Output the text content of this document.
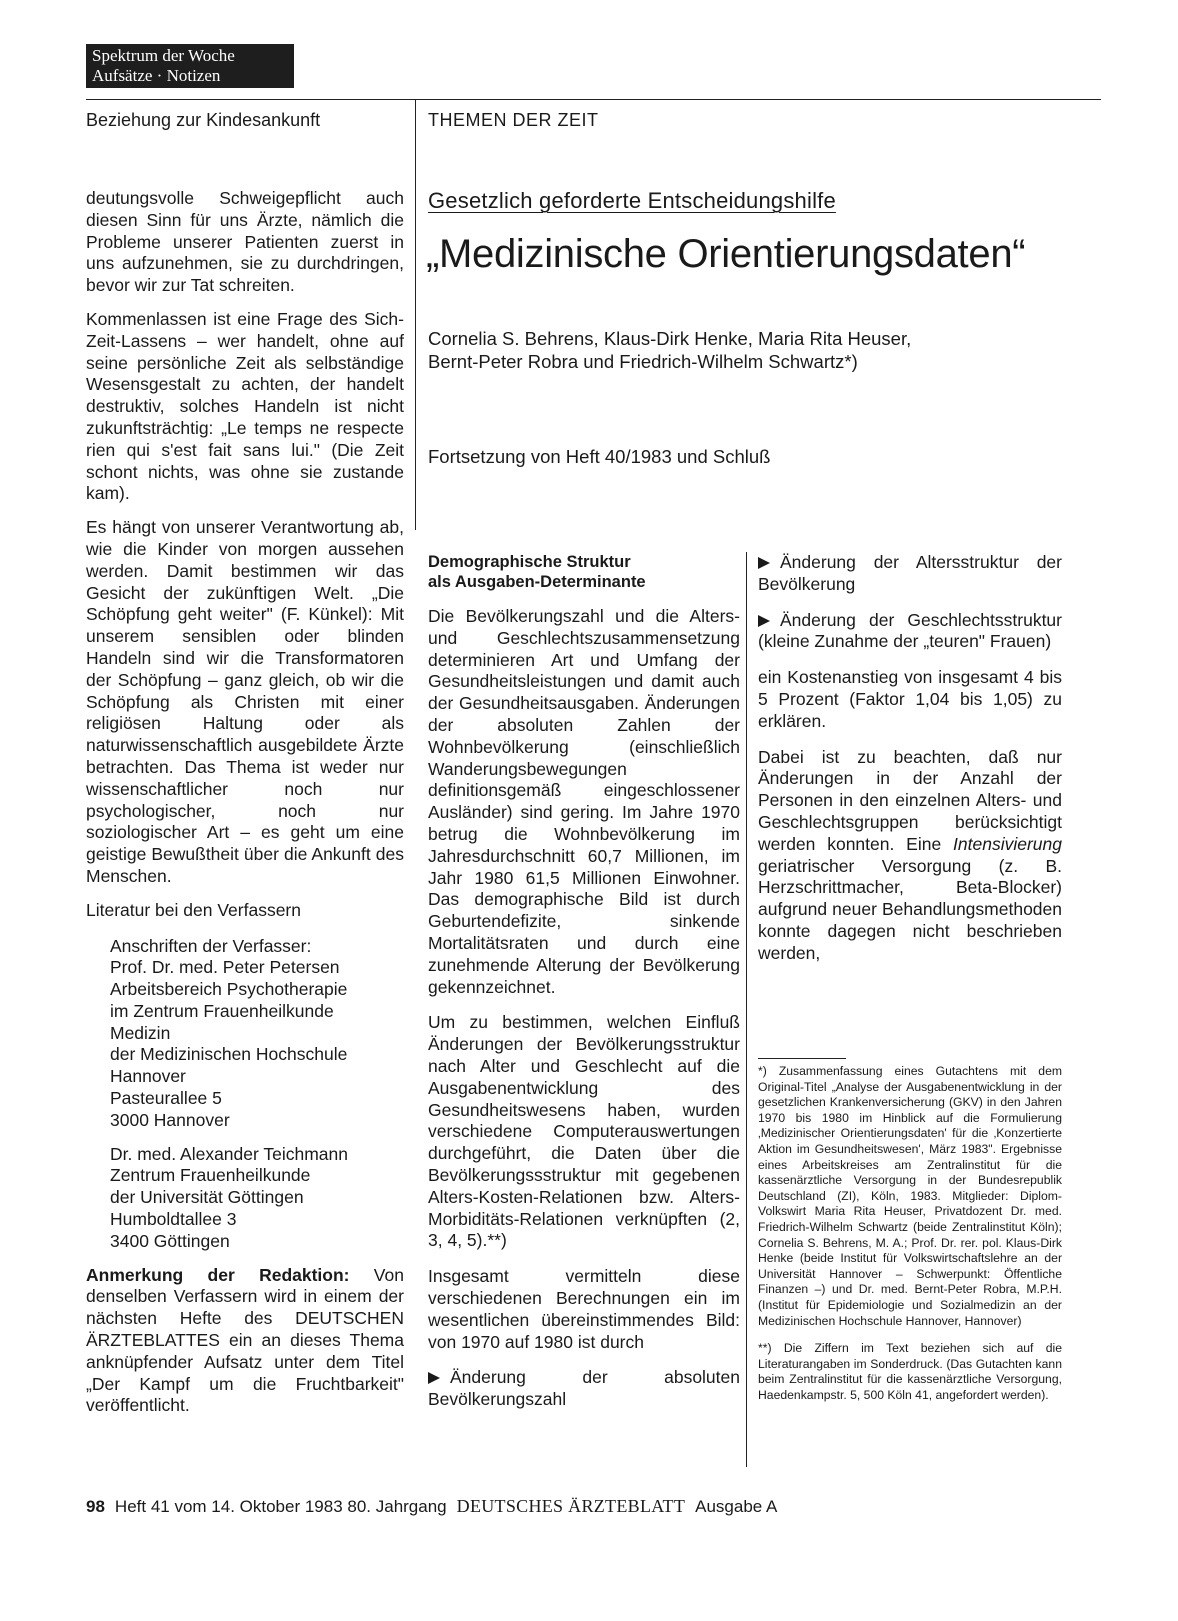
Spektrum der Woche
Aufsätze · Notizen
Beziehung zur Kindesankunft	THEMEN DER ZEIT

deutungsvolle Schweigepflicht auch diesen Sinn für uns Ärzte, nämlich die Probleme unserer Patienten zuerst in uns aufzunehmen, sie zu durchdringen, bevor wir zur Tat schreiten.

Kommenlassen ist eine Frage des Sich-Zeit-Lassens – wer handelt, ohne auf seine persönliche Zeit als selbständige Wesensgestalt zu achten, der handelt destruktiv, solches Handeln ist nicht zukunftsträchtig: „Le temps ne respecte rien qui s'est fait sans lui." (Die Zeit schont nichts, was ohne sie zustande kam).

Es hängt von unserer Verantwortung ab, wie die Kinder von morgen aussehen werden. Damit bestimmen wir das Gesicht der zukünftigen Welt. „Die Schöpfung geht weiter" (F. Künkel): Mit unserem sensiblen oder blinden Handeln sind wir die Transformatoren der Schöpfung – ganz gleich, ob wir die Schöpfung als Christen mit einer religiösen Haltung oder als naturwissenschaftlich ausgebildete Ärzte betrachten. Das Thema ist weder nur wissenschaftlicher noch nur psychologischer, noch nur soziologischer Art – es geht um eine geistige Bewußtheit über die Ankunft des Menschen.

Literatur bei den Verfassern

Anschriften der Verfasser:
Prof. Dr. med. Peter Petersen
Arbeitsbereich Psychotherapie
im Zentrum Frauenheilkunde
Medizin
der Medizinischen Hochschule
Hannover
Pasteurallee 5
3000 Hannover
Dr. med. Alexander Teichmann
Zentrum Frauenheilkunde
der Universität Göttingen
Humboldtallee 3
3400 Göttingen

Anmerkung der Redaktion: Von denselben Verfassern wird in einem der nächsten Hefte des DEUTSCHEN ÄRZTEBLATTES ein an dieses Thema anknüpfender Aufsatz unter dem Titel „Der Kampf um die Fruchtbarkeit" veröffentlicht.

Gesetzlich geforderte Entscheidungshilfe
„Medizinische Orientierungsdaten“
Cornelia S. Behrens, Klaus-Dirk Henke, Maria Rita Heuser,
Bernt-Peter Robra und Friedrich-Wilhelm Schwartz*)
Fortsetzung von Heft 40/1983 und Schluß
Demographische Struktur
als Ausgaben-Determinante

Die Bevölkerungszahl und die Alters- und Geschlechtszusammensetzung determinieren Art und Umfang der Gesundheitsleistungen und damit auch der Gesundheitsausgaben. Änderungen der absoluten Zahlen der Wohnbevölkerung (einschließlich Wanderungsbewegungen definitionsgemäß eingeschlossener Ausländer) sind gering. Im Jahre 1970 betrug die Wohnbevölkerung im Jahresdurchschnitt 60,7 Millionen, im Jahr 1980 61,5 Millionen Einwohner. Das demographische Bild ist durch Geburtendefizite, sinkende Mortalitätsraten und durch eine zunehmende Alterung der Bevölkerung gekennzeichnet.

Um zu bestimmen, welchen Einfluß Änderungen der Bevölkerungsstruktur nach Alter und Geschlecht auf die Ausgabenentwicklung des Gesundheitswesens haben, wurden verschiedene Computerauswertungen durchgeführt, die Daten über die Bevölkerungssstruktur mit gegebenen Alters-Kosten-Relationen bzw. Alters-Morbiditäts-Relationen verknüpften (2, 3, 4, 5).**)

Insgesamt vermitteln diese verschiedenen Berechnungen ein im wesentlichen übereinstimmendes Bild: von 1970 auf 1980 ist durch

Änderung der absoluten Bevölkerungszahl

Änderung der Altersstruktur der Bevölkerung

Änderung der Geschlechtsstruktur (kleine Zunahme der „teuren" Frauen)

ein Kostenanstieg von insgesamt 4 bis 5 Prozent (Faktor 1,04 bis 1,05) zu erklären.

Dabei ist zu beachten, daß nur Änderungen in der Anzahl der Personen in den einzelnen Alters- und Geschlechtsgruppen berücksichtigt werden konnten. Eine Intensivierung geriatrischer Versorgung (z. B. Herzschrittmacher, Beta-Blocker) aufgrund neuer Behandlungsmethoden konnte dagegen nicht beschrieben werden,

*) Zusammenfassung eines Gutachtens mit dem Original-Titel „Analyse der Ausgabenentwicklung in der gesetzlichen Krankenversicherung (GKV) in den Jahren 1970 bis 1980 im Hinblick auf die Formulierung ‚Medizinischer Orientierungsdaten' für die ‚Konzertierte Aktion im Gesundheitswesen', März 1983". Ergebnisse eines Arbeitskreises am Zentralinstitut für die kassenärztliche Versorgung in der Bundesrepublik Deutschland (ZI), Köln, 1983. Mitglieder: Diplom-Volkswirt Maria Rita Heuser, Privatdozent Dr. med. Friedrich-Wilhelm Schwartz (beide Zentralinstitut Köln); Cornelia S. Behrens, M. A.; Prof. Dr. rer. pol. Klaus-Dirk Henke (beide Institut für Volkswirtschaftslehre an der Universität Hannover – Schwerpunkt: Öffentliche Finanzen –) und Dr. med. Bernt-Peter Robra, M.P.H. (Institut für Epidemiologie und Sozialmedizin an der Medizinischen Hochschule Hannover, Hannover)

**) Die Ziffern im Text beziehen sich auf die Literaturangaben im Sonderdruck. (Das Gutachten kann beim Zentralinstitut für die kassenärztliche Versorgung, Haedenkampstr. 5, 500 Köln 41, angefordert werden).

98 Heft 41 vom 14. Oktober 1983 80. Jahrgang DEUTSCHES ÄRZTEBLATT Ausgabe A
